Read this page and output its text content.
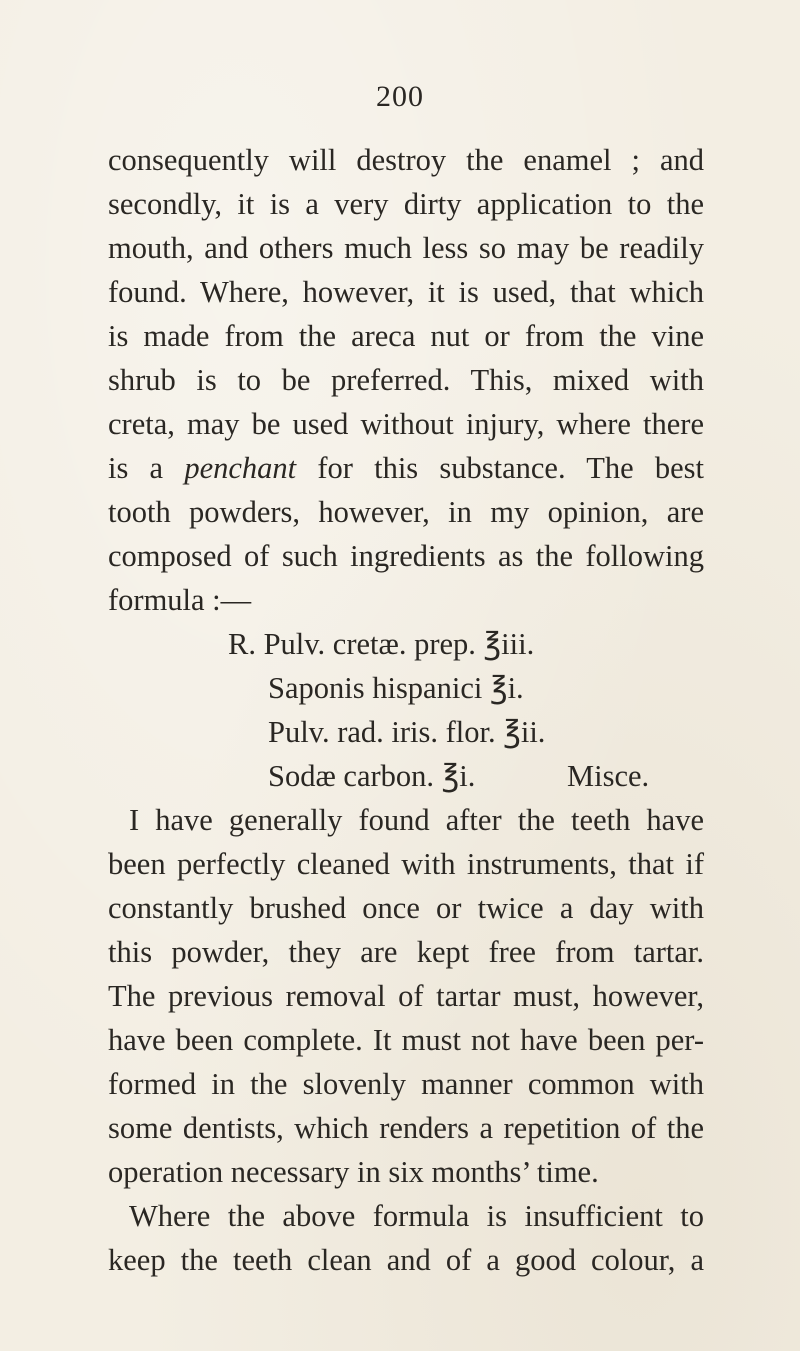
200
consequently will destroy the enamel ; and
secondly, it is a very dirty application to the
mouth, and others much less so may be readily
found. Where, however, it is used, that which
is made from the areca nut or from the vine
shrub is to be preferred. This, mixed with
creta, may be used without injury, where there
is a penchant for this substance. The best
tooth powders, however, in my opinion, are
composed of such ingredients as the following
formula :—
R. Pulv. cretæ. prep. ℥iii.
Saponis hispanici ℥i.
Pulv. rad. iris. flor. ℥ii.
Sodæ carbon. ℥i.	Misce.
I have generally found after the teeth have
been perfectly cleaned with instruments, that if
constantly brushed once or twice a day with
this powder, they are kept free from tartar.
The previous removal of tartar must, however,
have been complete. It must not have been per-
formed in the slovenly manner common with
some dentists, which renders a repetition of the
operation necessary in six months’ time.
Where the above formula is insufficient to
keep the teeth clean and of a good colour, a
